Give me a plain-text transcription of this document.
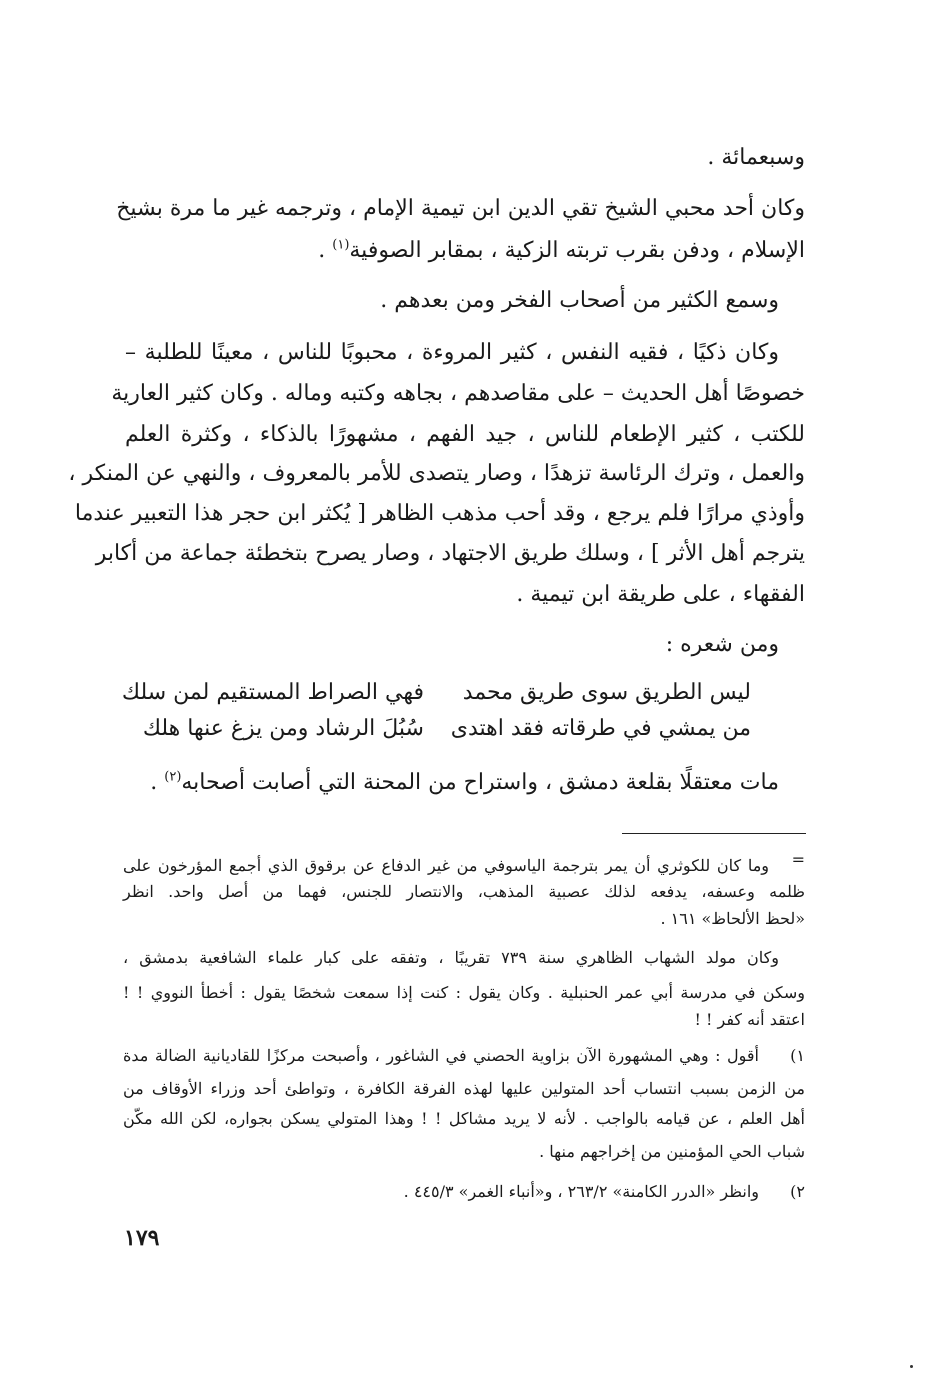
وسبعمائة .
وكان أحد محبي الشيخ تقي الدين ابن تيمية الإمام ، وترجمه غير ما مرة بشيخ
الإسلام ، ودفن بقرب تربته الزكية ، بمقابر الصوفية$^{(١)}$ .
وسمع الكثير من أصحاب الفخر ومن بعدهم .
وكان ذكيًا ، فقيه النفس ، كثير المروءة ، محبوبًا للناس ، معينًا للطلبة –
خصوصًا أهل الحديث – على مقاصدهم ، بجاهه وكتبه وماله . وكان كثير العارية
للكتب ، كثير الإطعام للناس ، جيد الفهم ، مشهورًا بالذكاء ، وكثرة العلم
والعمل ، وترك الرئاسة تزهدًا ، وصار يتصدى للأمر بالمعروف ، والنهي عن المنكر ،
وأوذي مرارًا فلم يرجع ، وقد أحب مذهب الظاهر [ يُكثر ابن حجر هذا التعبير عندما
يترجم أهل الأثر ] ، وسلك طريق الاجتهاد ، وصار يصرح بتخطئة جماعة من أكابر
الفقهاء ، على طريقة ابن تيمية .
ومن شعره :
ليس الطريق سوى طريق محمد
فهي الصراط المستقيم لمن سلك
من يمشي في طرقاته فقد اهتدى
سُبُلَ الرشاد ومن يزغ عنها هلك
مات معتقلًا بقلعة دمشق ، واستراح من المحنة التي أصابت أصحابه$^{(٢)}$ .
=
وما كان للكوثري أن يمر بترجمة الياسوفي من غير الدفاع عن برقوق الذي أجمع المؤرخون على
ظلمه وعسفه، يدفعه لذلك عصبية المذهب، والانتصار للجنس، فهما من أصل واحد. انظر
«لحظ الألحاظ» ١٦١ .
وكان مولد الشهاب الظاهري سنة ٧٣٩ تقريبًا ، وتفقه على كبار علماء الشافعية بدمشق ،
وسكن في مدرسة أبي عمر الحنبلية . وكان يقول : كنت إذا سمعت شخصًا يقول : أخطأ النووي ! !
اعتقد أنه كفر ! !
١)
أقول : وهي المشهورة الآن بزاوية الحصني في الشاغور ، وأصبحت مركزًا للقاديانية الضالة مدة
من الزمن بسبب انتساب أحد المتولين عليها لهذه الفرقة الكافرة ، وتواطئ أحد وزراء الأوقاف من
أهل العلم ، عن قيامه بالواجب . لأنه لا يريد مشاكل ! ! وهذا المتولي يسكن بجواره، لكن الله مكّن
شباب الحي المؤمنين من إخراجهم منها .
٢)
وانظر «الدرر الكامنة» ٢٦٣/٢ ، و«أنباء الغمر» ٤٤٥/٣ .
١٧٩
